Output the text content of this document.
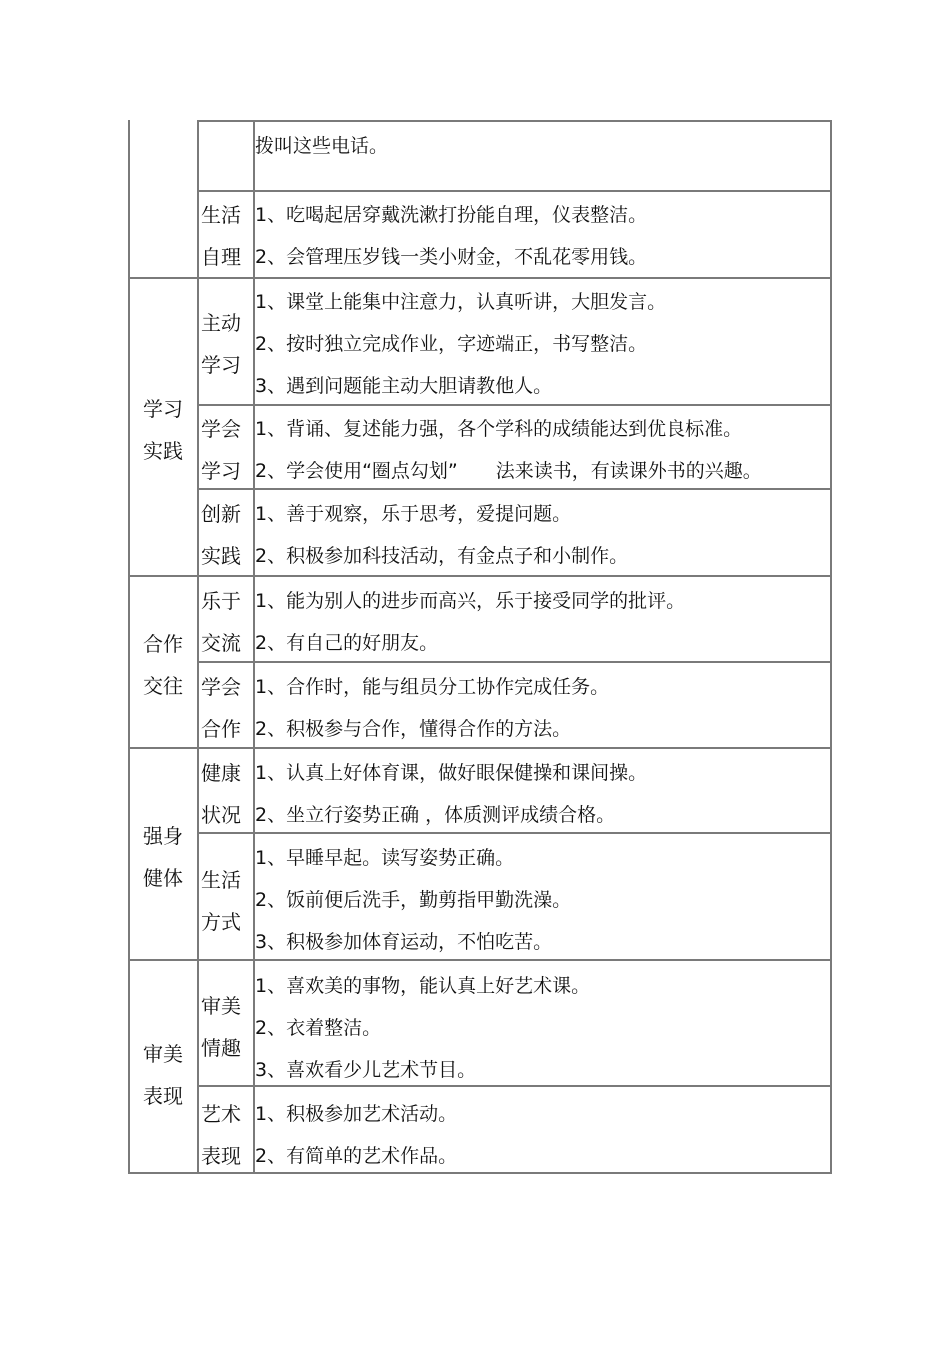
拨叫这些电话。
生活
自理
1、吃喝起居穿戴洗漱打扮能自理，仪表整洁。
2、会管理压岁钱一类小财金，不乱花零用钱。
学习
实践
主动
学习
1、课堂上能集中注意力，认真听讲，大胆发言。
2、按时独立完成作业，字迹端正，书写整洁。
3、遇到问题能主动大胆请教他人。
学会
学习
1、背诵、复述能力强，各个学科的成绩能达到优良标准。
2、学会使用“圈点勾划”　　法来读书，有读课外书的兴趣。
创新
实践
1、善于观察，乐于思考，爱提问题。
2、积极参加科技活动，有金点子和小制作。
合作
交往
乐于
交流
1、能为别人的进步而高兴，乐于接受同学的批评。
2、有自己的好朋友。
学会
合作
1、合作时，能与组员分工协作完成任务。
2、积极参与合作，懂得合作的方法。
强身
健体
健康
状况
1、认真上好体育课，做好眼保健操和课间操。
2、坐立行姿势正确 ，体质测评成绩合格。
生活
方式
1、早睡早起。读写姿势正确。
2、饭前便后洗手，勤剪指甲勤洗澡。
3、积极参加体育运动，不怕吃苦。
审美
表现
审美
情趣
1、喜欢美的事物，能认真上好艺术课。
2、衣着整洁。
3、喜欢看少儿艺术节目。
艺术
表现
1、积极参加艺术活动。
2、有简单的艺术作品。
